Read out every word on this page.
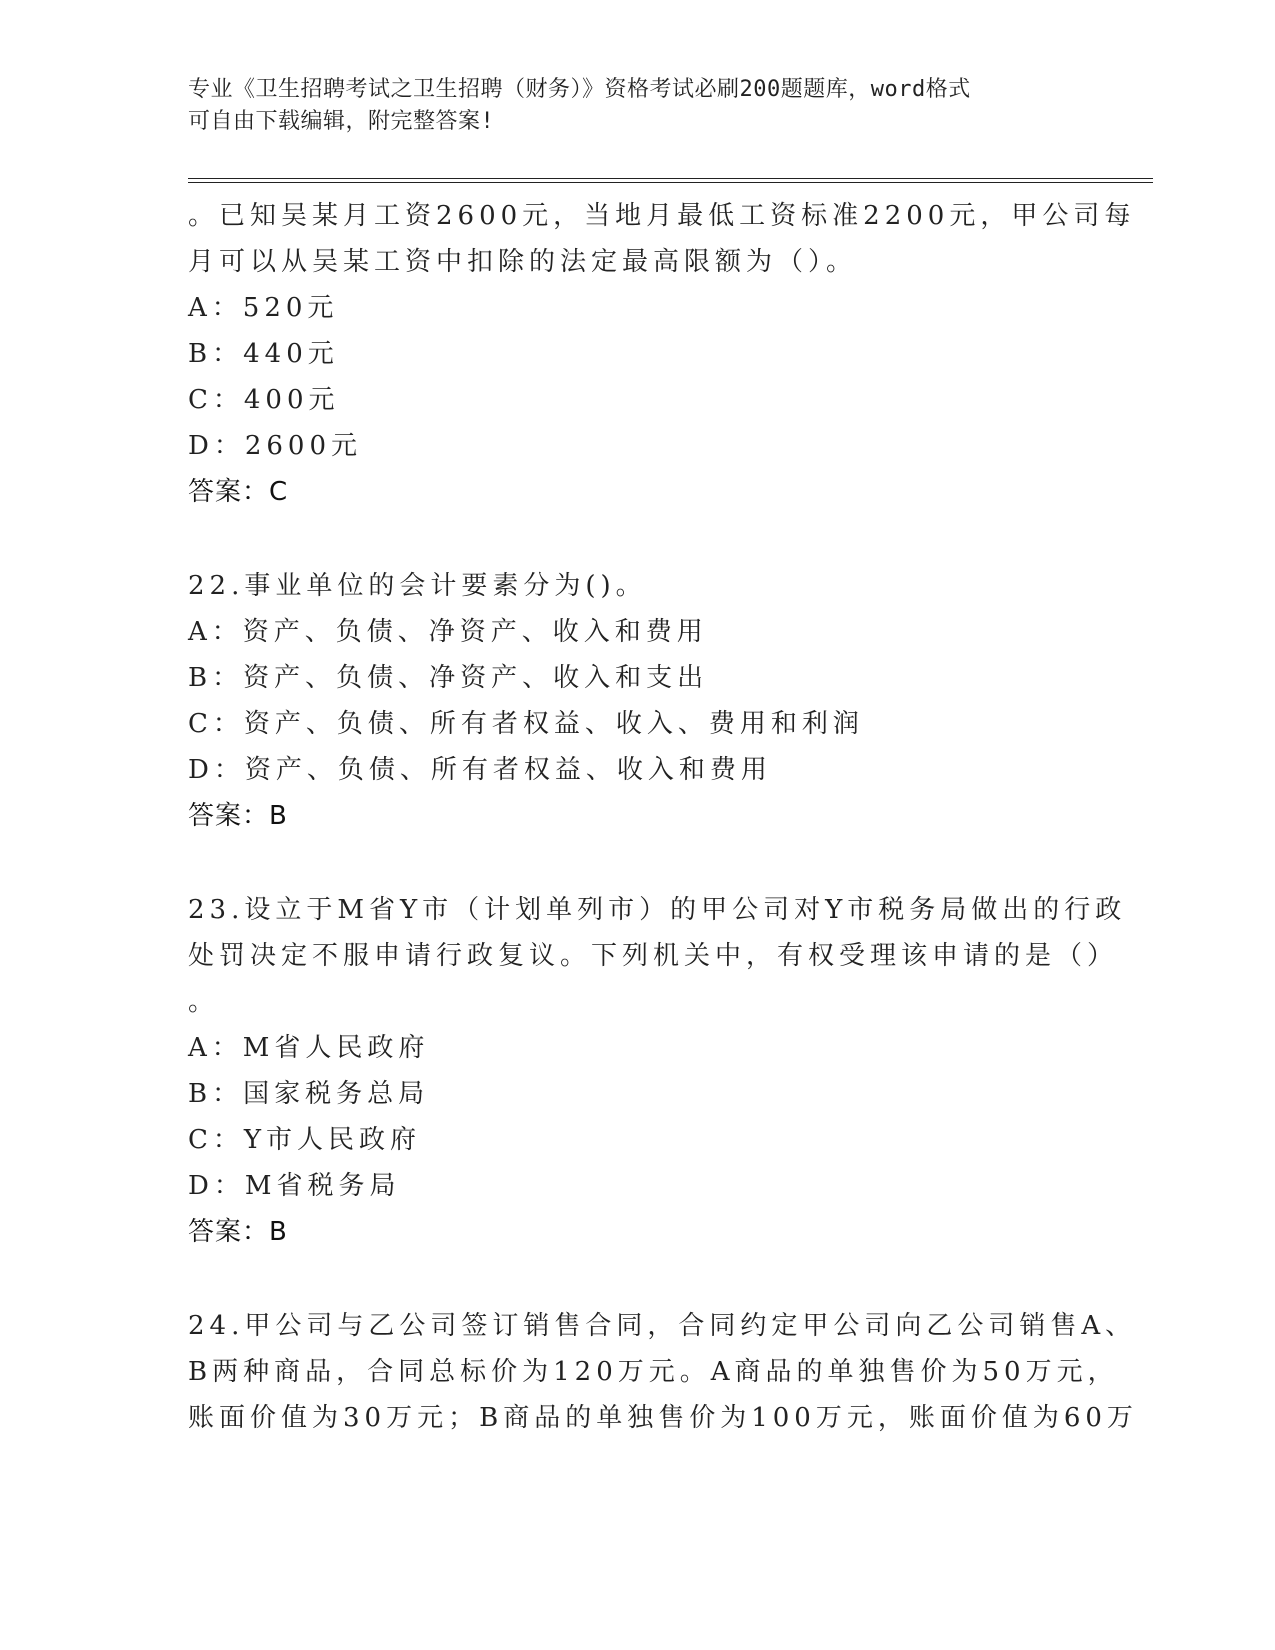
专业《卫生招聘考试之卫生招聘（财务）》资格考试必刷200题题库，word格式
可自由下载编辑，附完整答案!
。已知吴某月工资2600元，当地月最低工资标准2200元，甲公司每
月可以从吴某工资中扣除的法定最高限额为（）。
A：520元
B：440元
C：400元
D：2600元
答案：C
22.事业单位的会计要素分为()。
A：资产、负债、净资产、收入和费用
B：资产、负债、净资产、收入和支出
C：资产、负债、所有者权益、收入、费用和利润
D：资产、负债、所有者权益、收入和费用
答案：B
23.设立于M省Y市（计划单列市）的甲公司对Y市税务局做出的行政
处罚决定不服申请行政复议。下列机关中，有权受理该申请的是（）
。
A：M省人民政府
B：国家税务总局
C：Y市人民政府
D：M省税务局
答案：B
24.甲公司与乙公司签订销售合同，合同约定甲公司向乙公司销售A、
B两种商品，合同总标价为120万元。A商品的单独售价为50万元，
账面价值为30万元；B商品的单独售价为100万元，账面价值为60万
